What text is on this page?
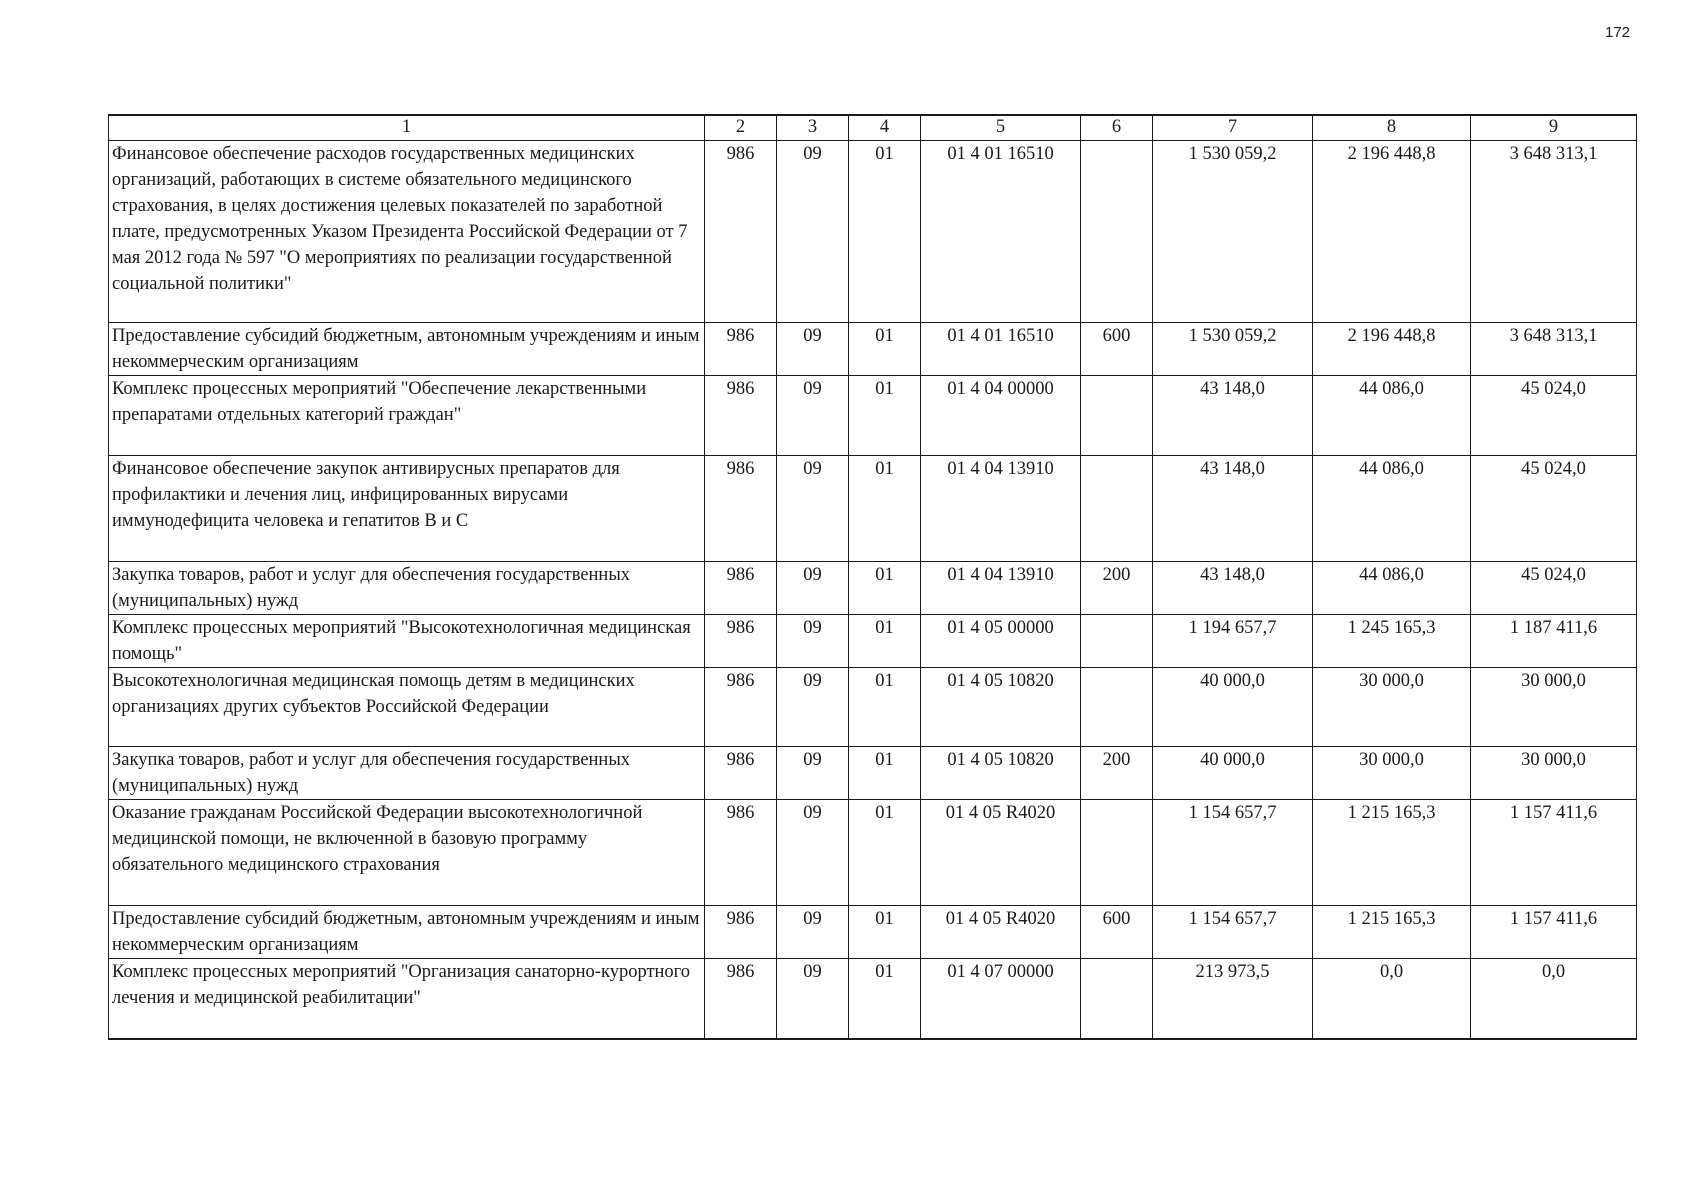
172
1	2	3	4	5	6	7	8	9
Финансовое обеспечение расходов государственных медицинских организаций, работающих в системе обязательного медицинского страхования, в целях достижения целевых показателей по заработной плате, предусмотренных Указом Президента Российской Федерации от 7 мая 2012 года № 597 "О мероприятиях по реализации государственной социальной политики"	986	09	01	01 4 01 16510		1 530 059,2	2 196 448,8	3 648 313,1
Предоставление субсидий бюджетным, автономным учреждениям и иным некоммерческим организациям	986	09	01	01 4 01 16510	600	1 530 059,2	2 196 448,8	3 648 313,1
Комплекс процессных мероприятий "Обеспечение лекарственными препаратами отдельных категорий граждан"	986	09	01	01 4 04 00000		43 148,0	44 086,0	45 024,0
Финансовое обеспечение закупок антивирусных препаратов для профилактики и лечения лиц, инфицированных вирусами иммунодефицита человека и гепатитов B и C	986	09	01	01 4 04 13910		43 148,0	44 086,0	45 024,0
Закупка товаров, работ и услуг для обеспечения государственных (муниципальных) нужд	986	09	01	01 4 04 13910	200	43 148,0	44 086,0	45 024,0
Комплекс процессных мероприятий "Высокотехнологичная медицинская помощь"	986	09	01	01 4 05 00000		1 194 657,7	1 245 165,3	1 187 411,6
Высокотехнологичная медицинская помощь детям в медицинских организациях других субъектов Российской Федерации	986	09	01	01 4 05 10820		40 000,0	30 000,0	30 000,0
Закупка товаров, работ и услуг для обеспечения государственных (муниципальных) нужд	986	09	01	01 4 05 10820	200	40 000,0	30 000,0	30 000,0
Оказание гражданам Российской Федерации высокотехнологичной медицинской помощи, не включенной в базовую программу обязательного медицинского страхования	986	09	01	01 4 05 R4020		1 154 657,7	1 215 165,3	1 157 411,6
Предоставление субсидий бюджетным, автономным учреждениям и иным некоммерческим организациям	986	09	01	01 4 05 R4020	600	1 154 657,7	1 215 165,3	1 157 411,6
Комплекс процессных мероприятий "Организация санаторно-курортного лечения и медицинской реабилитации"	986	09	01	01 4 07 00000		213 973,5	0,0	0,0
